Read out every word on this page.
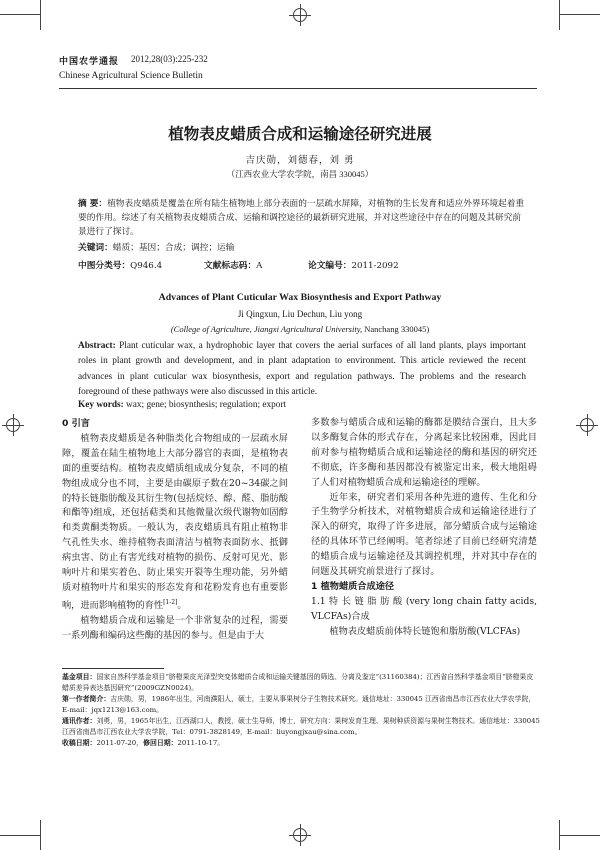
中国农学通报 2012,28(03):225-232
Chinese Agricultural Science Bulletin
植物表皮蜡质合成和运输途径研究进展
吉庆勋，刘德春，刘 勇
（江西农业大学农学院，南昌 330045）
摘 要：植物表皮蜡质是覆盖在所有陆生植物地上部分表面的一层疏水屏障，对植物的生长发育和适应外界环境起着重要的作用。综述了有关植物表皮蜡质合成、运输和调控途径的最新研究进展，并对这些途径中存在的问题及其研究前景进行了探讨。
关键词：蜡质；基因；合成；调控；运输
中图分类号：Q946.4	文献标志码：A	论文编号：2011-2092
Advances of Plant Cuticular Wax Biosynthesis and Export Pathway
Ji Qingxun, Liu Dechun, Liu yong
(College of Agriculture, Jiangxi Agricultural University, Nanchang 330045)
Abstract: Plant cuticular wax, a hydrophobic layer that covers the aerial surfaces of all land plants, plays important roles in plant growth and development, and in plant adaptation to environment. This article reviewed the recent advances in plant cuticular wax biosynthesis, export and regulation pathways. The problems and the research foreground of these pathways were also discussed in this article.
Key words: wax; gene; biosynthesis; regulation; export

0 引言

植物表皮蜡质是各种脂类化合物组成的一层疏水屏障，覆盖在陆生植物地上大部分器官的表面，是植物表面的重要结构。植物表皮蜡质组成成分复杂，不同的植物组成成分也不同，主要是由碳原子数在20~34碳之间的特长链脂肪酸及其衍生物(包括烷烃、醇、醛、脂肪酸和酯等)组成，还包括萜类和其他微量次级代谢物如固醇和类黄酮类物质。一般认为，表皮蜡质具有阻止植物非气孔性失水、维持植物表面清洁与植物表面防水、抵御病虫害、防止有害光线对植物的损伤、反射可见光、影响叶片和果实着色、防止果实开裂等生理功能，另外蜡质对植物叶片和果实的形态发育和花粉发育也有重要影响，进而影响植物的育性[1-2]。

植物蜡质合成和运输是一个非常复杂的过程，需要一系列酶和编码这些酶的基因的参与。但是由于大

多数参与蜡质合成和运输的酶都是膜结合蛋白，且大多以多酶复合体的形式存在，分离起来比较困难，因此目前对参与植物蜡质合成和运输途径的酶和基因的研究还不彻底，许多酶和基因都没有被鉴定出来，极大地阻碍了人们对植物蜡质合成和运输途径的理解。

近年来，研究者们采用各种先进的遗传、生化和分子生物学分析技术，对植物蜡质合成和运输途径进行了深入的研究，取得了许多进展，部分蜡质合成与运输途径的具体环节已经阐明。笔者综述了目前已经研究清楚的蜡质合成与运输途径及其调控机理，并对其中存在的问题及其研究前景进行了探讨。

1 植物蜡质合成途径

1.1 特 长 链 脂 肪 酸 (very long chain fatty acids, VLCFAs)合成

植物表皮蜡质前体特长链饱和脂肪酸(VLCFAs)

基金项目：国家自然科学基金项目“脐橙果皮光泽型突变体蜡质合成和运输关键基因的筛选、分离及鉴定”(31160384)；江西省自然科学基金项目“脐橙果皮蜡质差异表达基因研究”(2009GZN0024)。

第一作者简介：吉庆勋，男，1986年出生，河南濮阳人，硕士，主要从事果树分子生物技术研究。通信地址：330045 江西省南昌市江西农业大学农学院，E-mail：jqx1213@163.com。

通讯作者：刘勇，男，1965年出生，江西湖口人，教授，硕士生导师，博士，研究方向：果树发育生理、果树种质资源与果树生物技术。通信地址：330045江西省南昌市江西农业大学农学院，Tel：0791-3828149，E-mail：liuyongjxau@sina.com。

收稿日期：2011-07-20，修回日期：2011-10-17。
